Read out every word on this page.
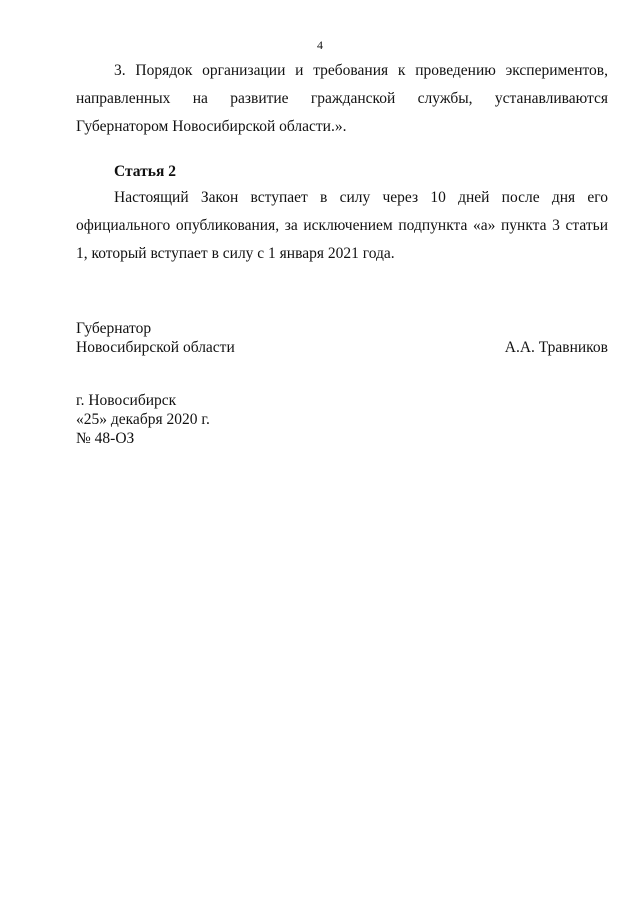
4

3. Порядок организации и требования к проведению экспериментов, направленных на развитие гражданской службы, устанавливаются Губернатором Новосибирской области.».

Статья 2

Настоящий Закон вступает в силу через 10 дней после дня его официального опубликования, за исключением подпункта «а» пункта 3 статьи 1, который вступает в силу с 1 января 2021 года.

Губернатор
Новосибирской области	А.А. Травников
г. Новосибирск
«25» декабря 2020 г.
№ 48-ОЗ
